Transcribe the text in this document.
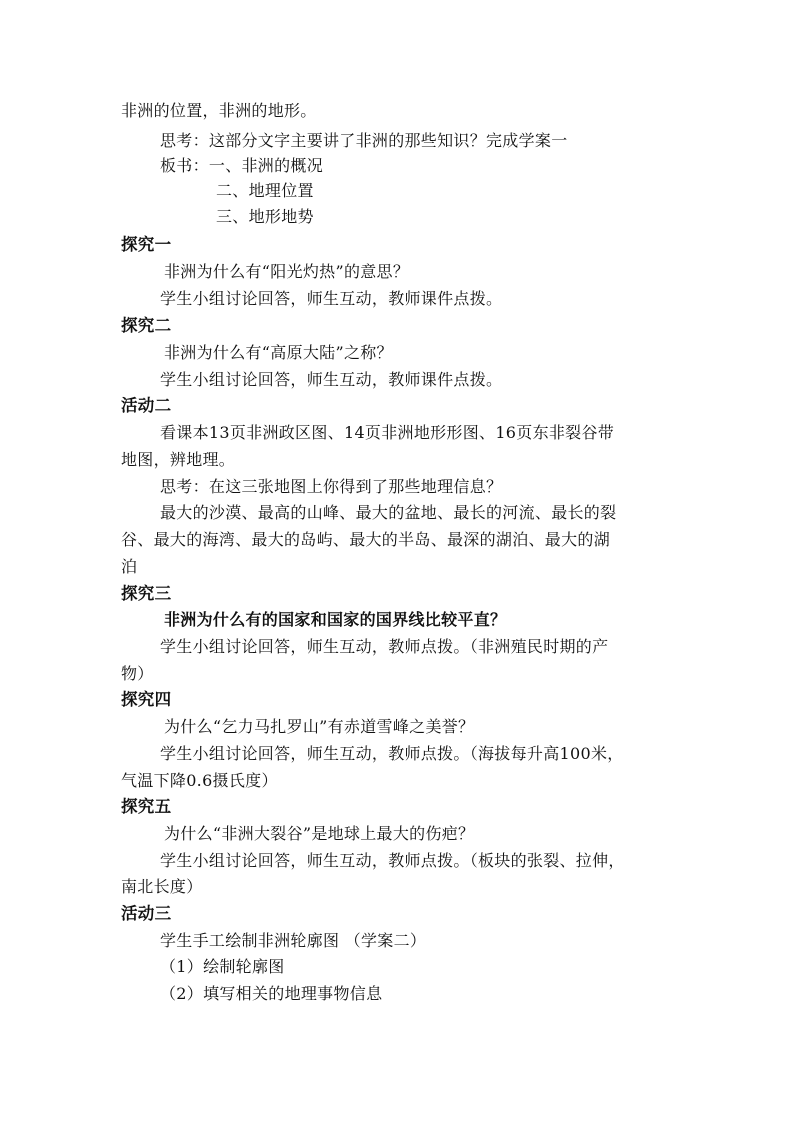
非洲的位置，非洲的地形。
思考：这部分文字主要讲了非洲的那些知识？完成学案一
板书：一、非洲的概况
二、地理位置
三、地形地势
探究一
非洲为什么有“阳光灼热”的意思？
学生小组讨论回答，师生互动，教师课件点拨。
探究二
非洲为什么有“高原大陆”之称？
学生小组讨论回答，师生互动，教师课件点拨。
活动二
看课本13页非洲政区图、14页非洲地形形图、16页东非裂谷带
地图，辨地理。
思考：在这三张地图上你得到了那些地理信息？
最大的沙漠、最高的山峰、最大的盆地、最长的河流、最长的裂
谷、最大的海湾、最大的岛屿、最大的半岛、最深的湖泊、最大的湖
泊
探究三
非洲为什么有的国家和国家的国界线比较平直？
学生小组讨论回答，师生互动，教师点拨。（非洲殖民时期的产
物）
探究四
为什么“乞力马扎罗山”有赤道雪峰之美誉？
学生小组讨论回答，师生互动，教师点拨。（海拔每升高100米，
气温下降0.6摄氏度）
探究五
为什么“非洲大裂谷”是地球上最大的伤疤？
学生小组讨论回答，师生互动，教师点拨。（板块的张裂、拉伸，
南北长度）
活动三
学生手工绘制非洲轮廓图 （学案二）
（1）绘制轮廓图
（2）填写相关的地理事物信息
